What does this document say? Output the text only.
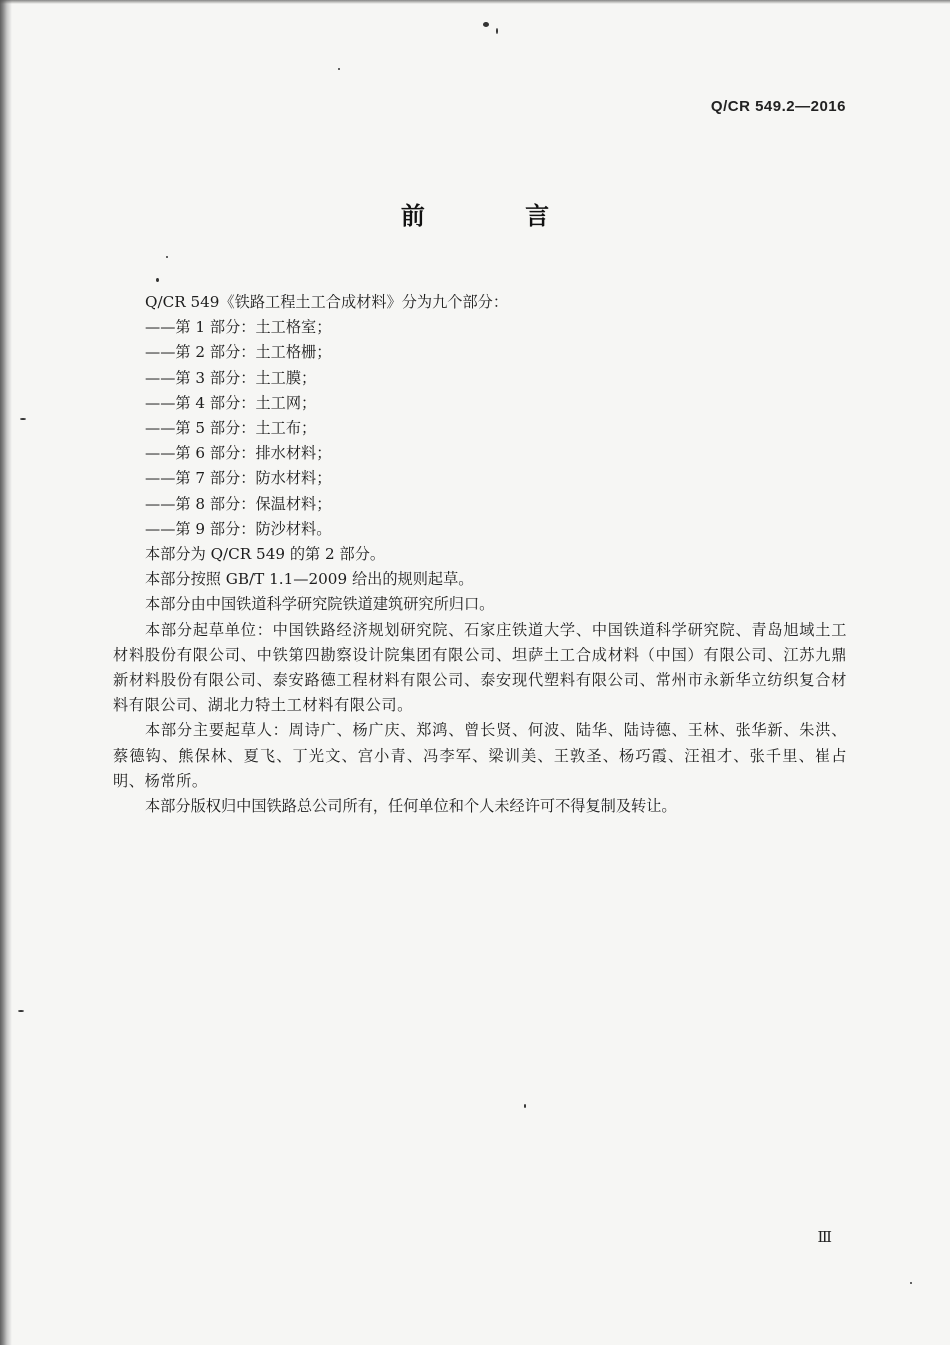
Q/CR 549.2—2016
前 言
Q/CR 549《铁路工程土工合成材料》分为九个部分：
——第 1 部分：土工格室；
——第 2 部分：土工格栅；
——第 3 部分：土工膜；
——第 4 部分：土工网；
——第 5 部分：土工布；
——第 6 部分：排水材料；
——第 7 部分：防水材料；
——第 8 部分：保温材料；
——第 9 部分：防沙材料。
本部分为 Q/CR 549 的第 2 部分。
本部分按照 GB/T 1.1—2009 给出的规则起草。
本部分由中国铁道科学研究院铁道建筑研究所归口。
本部分起草单位：中国铁路经济规划研究院、石家庄铁道大学、中国铁道科学研究院、青岛旭域土工材料股份有限公司、中铁第四勘察设计院集团有限公司、坦萨土工合成材料（中国）有限公司、江苏九鼎新材料股份有限公司、泰安路德工程材料有限公司、泰安现代塑料有限公司、常州市永新华立纺织复合材料有限公司、湖北力特土工材料有限公司。
本部分主要起草人：周诗广、杨广庆、郑鸿、曾长贤、何波、陆华、陆诗德、王林、张华新、朱洪、蔡德钩、熊保林、夏飞、丁光文、宫小青、冯李军、梁训美、王敦圣、杨巧霞、汪祖才、张千里、崔占明、杨常所。
本部分版权归中国铁路总公司所有，任何单位和个人未经许可不得复制及转让。
Ⅲ
